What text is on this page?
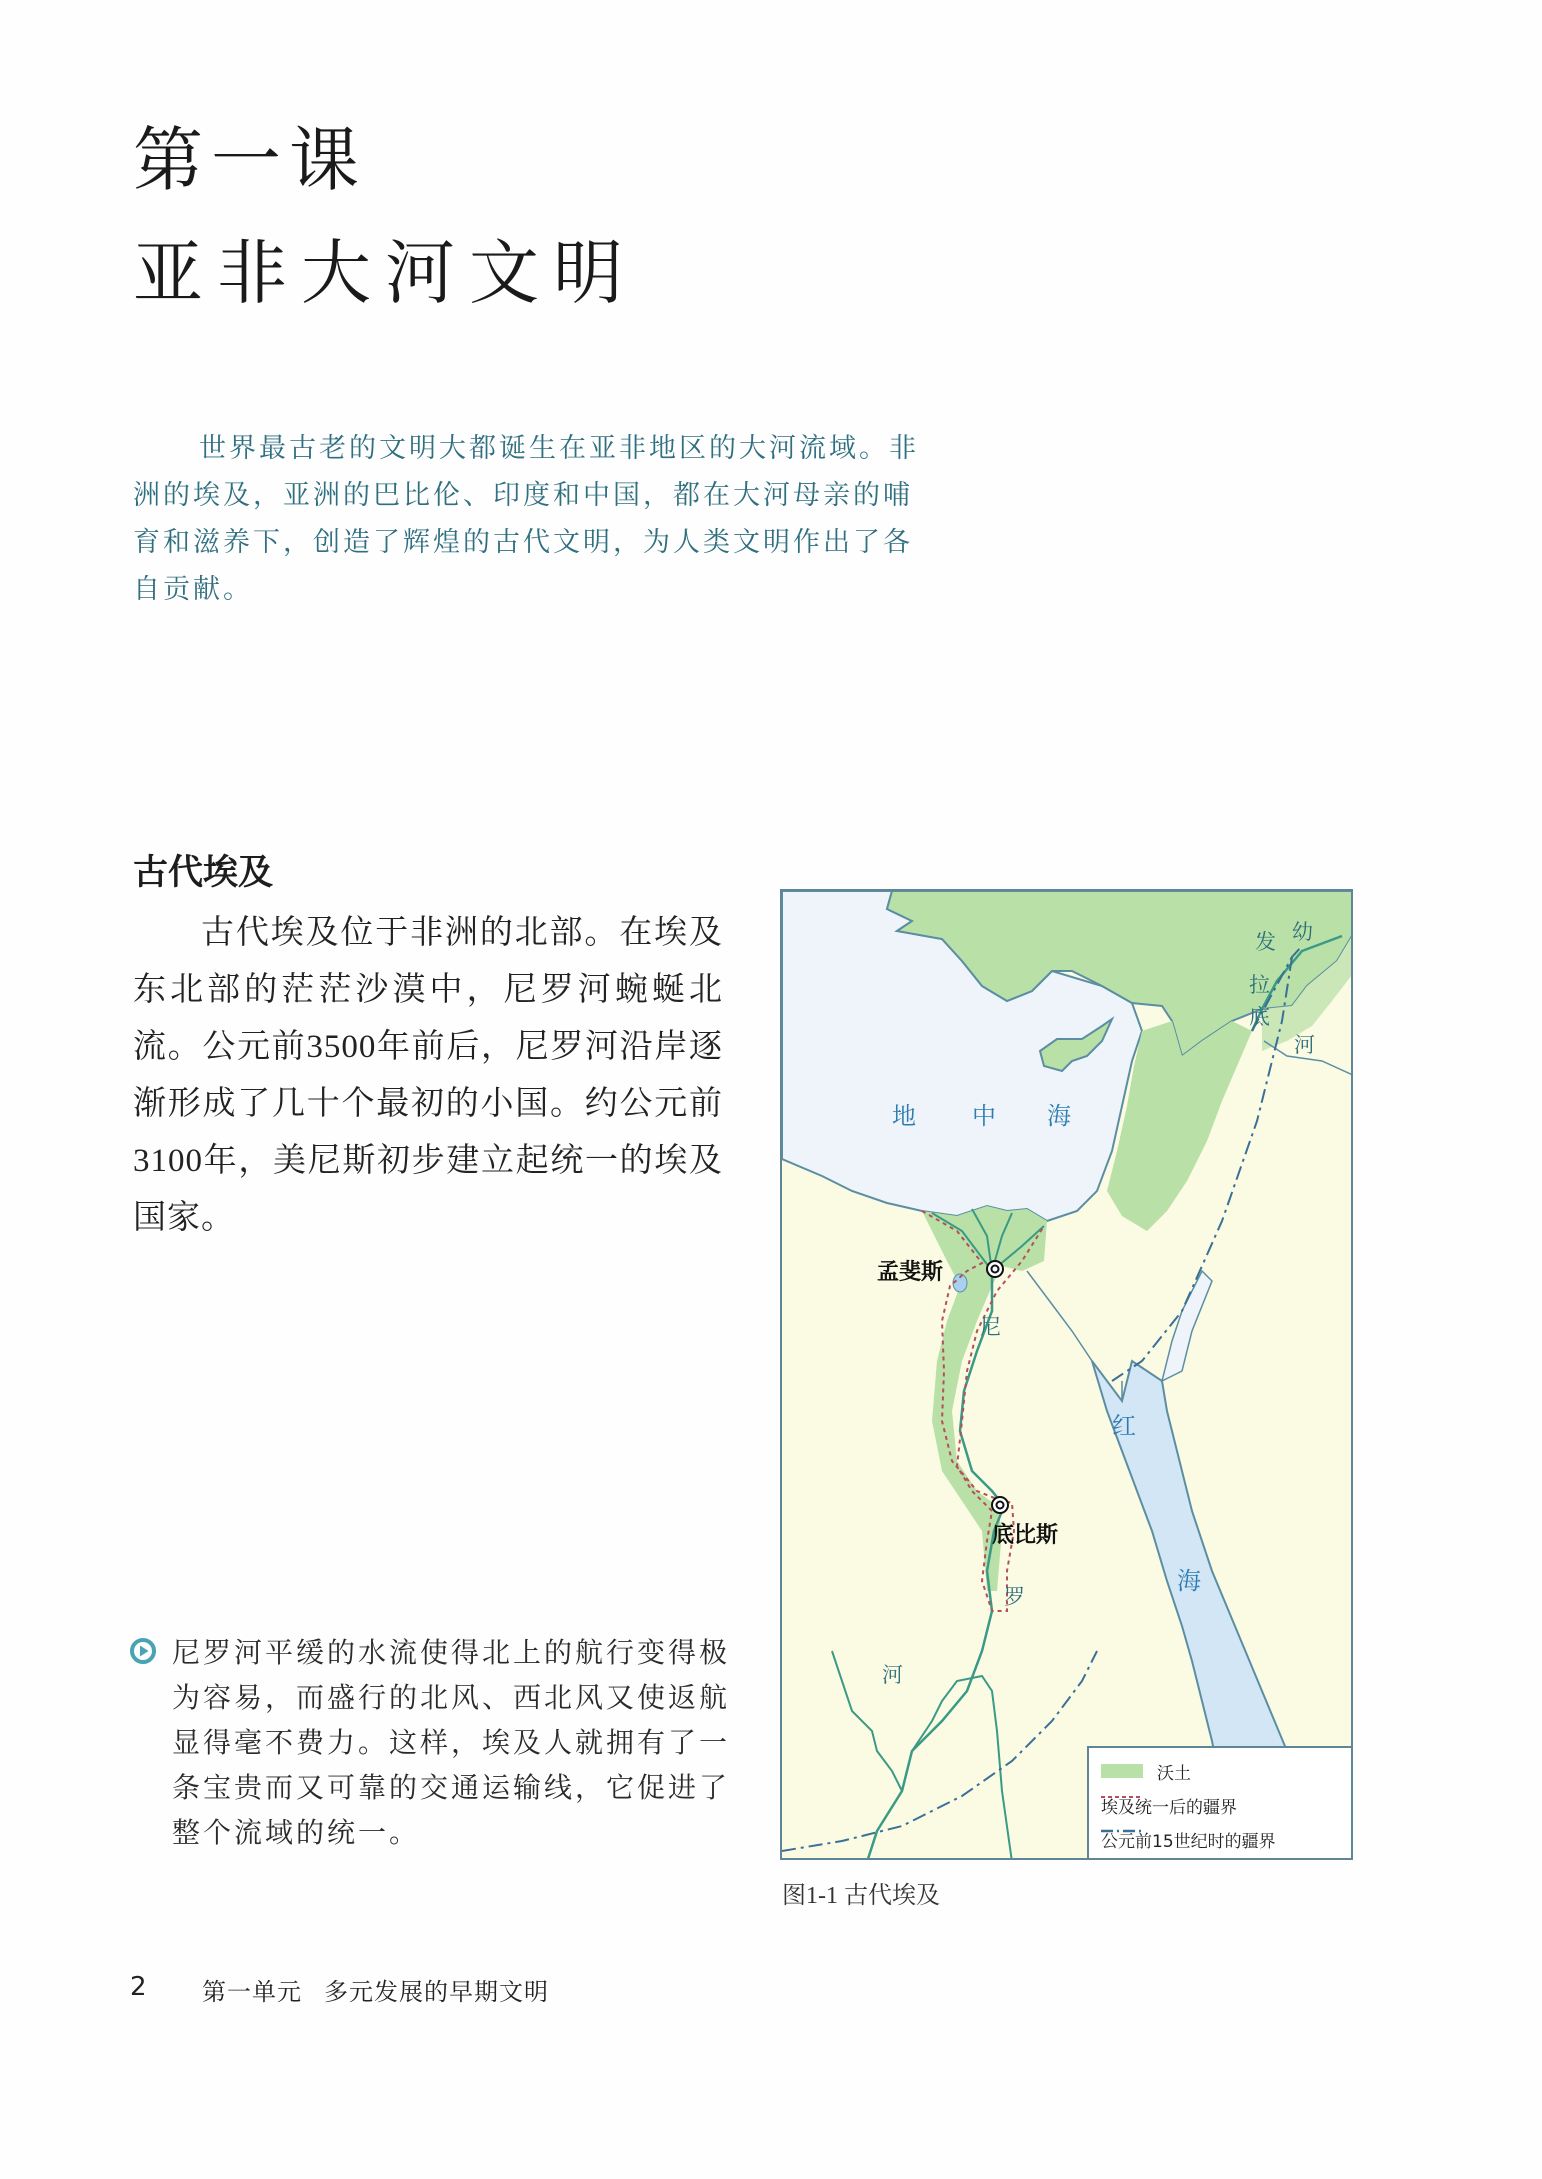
第一课
亚非大河文明

世界最古老的文明大都诞生在亚非地区的大河流域。非洲的埃及，亚洲的巴比伦、印度和中国，都在大河母亲的哺育和滋养下，创造了辉煌的古代文明，为人类文明作出了各自贡献。

古代埃及

古代埃及位于非洲的北部。在埃及东北部的茫茫沙漠中，尼罗河蜿蜒北流。公元前3500年前后，尼罗河沿岸逐渐形成了几十个最初的小国。约公元前3100年，美尼斯初步建立起统一的埃及国家。

尼罗河平缓的水流使得北上的航行变得极为容易，而盛行的北风、西北风又使返航显得毫不费力。这样，埃及人就拥有了一条宝贵而又可靠的交通运输线，它促进了整个流域的统一。

地 中 海
幼
发
拉
底
河
孟斐斯
底比斯
尼
罗
河
红
海
沃土
埃及统一后的疆界
公元前15世纪时的疆界
图1-1 古代埃及
2 第一单元 多元发展的早期文明
